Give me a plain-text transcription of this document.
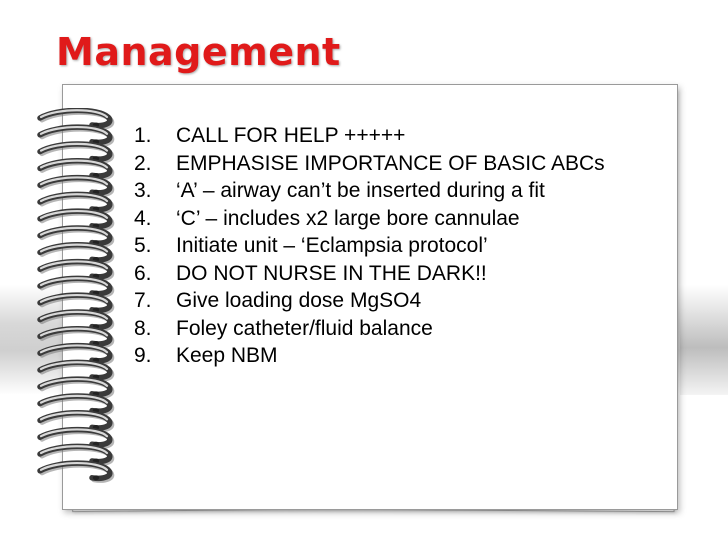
Management
1. CALL FOR HELP +++++
2. EMPHASISE IMPORTANCE OF BASIC ABCs
3. ‘A’ – airway can’t be inserted during a fit
4. ‘C’ – includes x2 large bore cannulae
5. Initiate unit – ‘Eclampsia protocol’
6. DO NOT NURSE IN THE DARK!!
7. Give loading dose MgSO4
8. Foley catheter/fluid balance
9. Keep NBM
